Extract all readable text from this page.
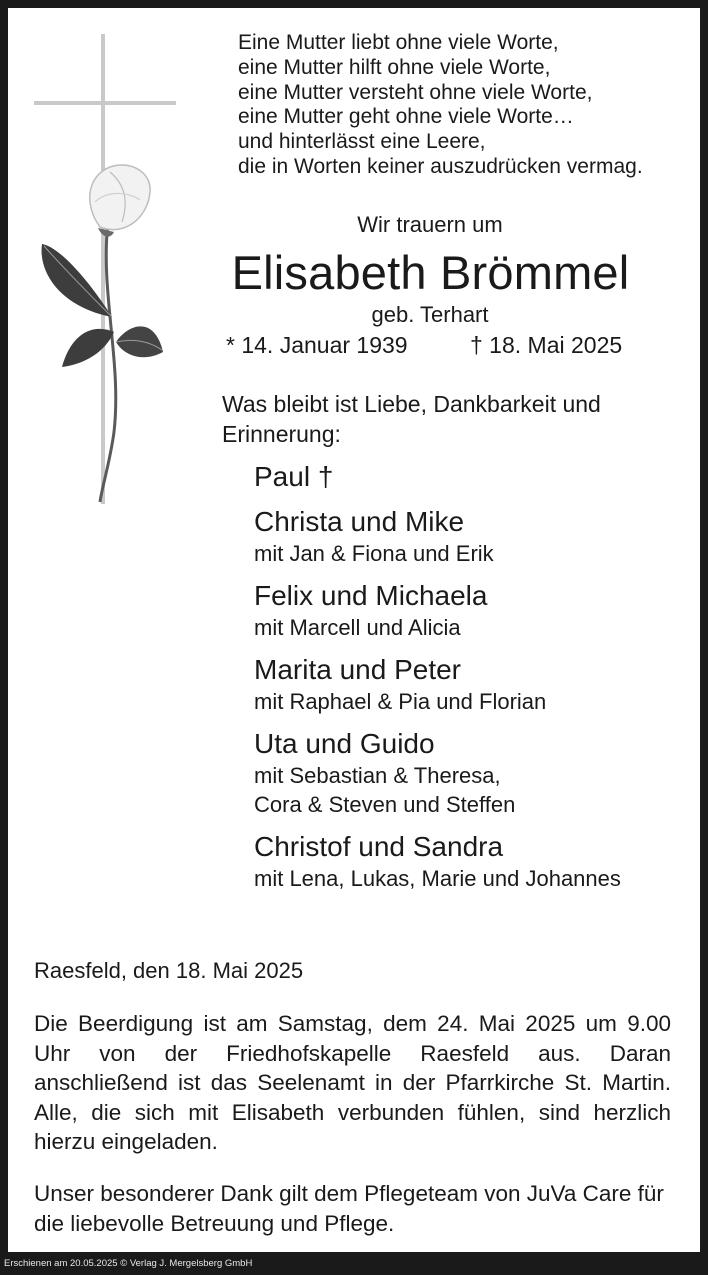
Eine Mutter liebt ohne viele Worte,
eine Mutter hilft ohne viele Worte,
eine Mutter versteht ohne viele Worte,
eine Mutter geht ohne viele Worte…
und hinterlässt eine Leere,
die in Worten keiner auszudrücken vermag.
Wir trauern um
Elisabeth Brömmel
geb. Terhart
* 14. Januar 1939	† 18. Mai 2025
Was bleibt ist Liebe, Dankbarkeit und Erinnerung:
Paul †
Christa und Mike
mit Jan & Fiona und Erik
Felix und Michaela
mit Marcell und Alicia
Marita und Peter
mit Raphael & Pia und Florian
Uta und Guido
mit Sebastian & Theresa,
Cora & Steven und Steffen
Christof und Sandra
mit Lena, Lukas, Marie und Johannes
Raesfeld, den 18. Mai 2025
Die Beerdigung ist am Samstag, dem 24. Mai 2025 um 9.00 Uhr von der Friedhofskapelle Raesfeld aus. Daran anschließend ist das Seelenamt in der Pfarrkirche St. Martin. Alle, die sich mit Elisabeth verbunden fühlen, sind herzlich hierzu eingeladen.
Unser besonderer Dank gilt dem Pflegeteam von JuVa Care für die liebevolle Betreuung und Pflege.
Erschienen am 20.05.2025 © Verlag J. Mergelsberg GmbH
